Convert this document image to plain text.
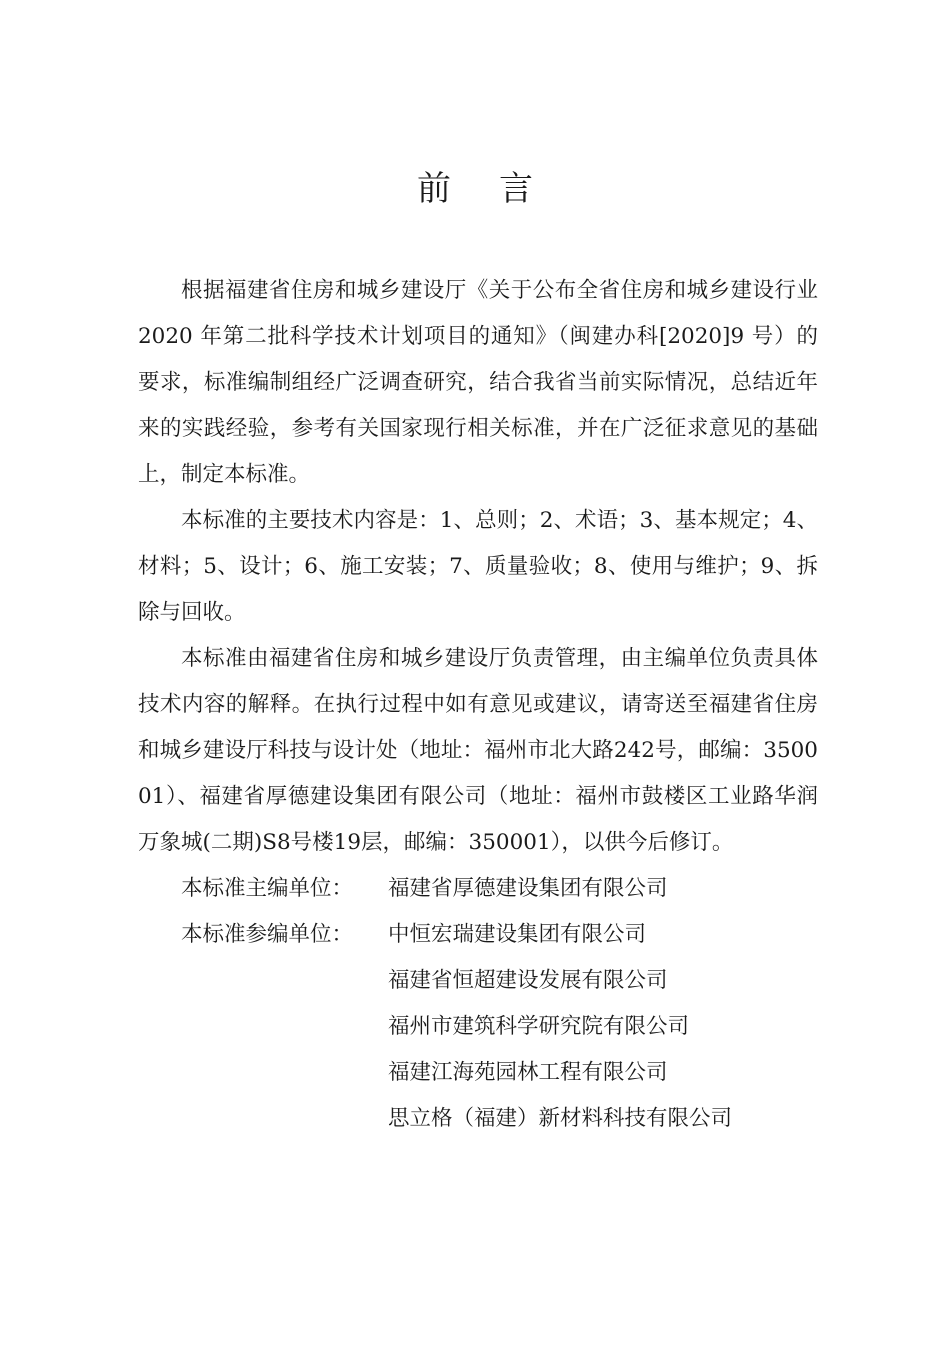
前 言

根据福建省住房和城乡建设厅《关于公布全省住房和城乡建设行业 2020 年第二批科学技术计划项目的通知》（闽建办科[2020]9 号）的要求，标准编制组经广泛调查研究，结合我省当前实际情况，总结近年来的实践经验，参考有关国家现行相关标准，并在广泛征求意见的基础上，制定本标准。

本标准的主要技术内容是：1、总则；2、术语；3、基本规定；4、材料；5、设计；6、施工安装；7、质量验收；8、使用与维护；9、拆除与回收。

本标准由福建省住房和城乡建设厅负责管理，由主编单位负责具体技术内容的解释。在执行过程中如有意见或建议，请寄送至福建省住房和城乡建设厅科技与设计处（地址：福州市北大路242号，邮编：350001）、福建省厚德建设集团有限公司（地址：福州市鼓楼区工业路华润万象城(二期)S8号楼19层，邮编：350001），以供今后修订。

本标准主编单位：	福建省厚德建设集团有限公司
本标准参编单位：	中恒宏瑞建设集团有限公司
福建省恒超建设发展有限公司
福州市建筑科学研究院有限公司
福建江海苑园林工程有限公司
思立格（福建）新材料科技有限公司
